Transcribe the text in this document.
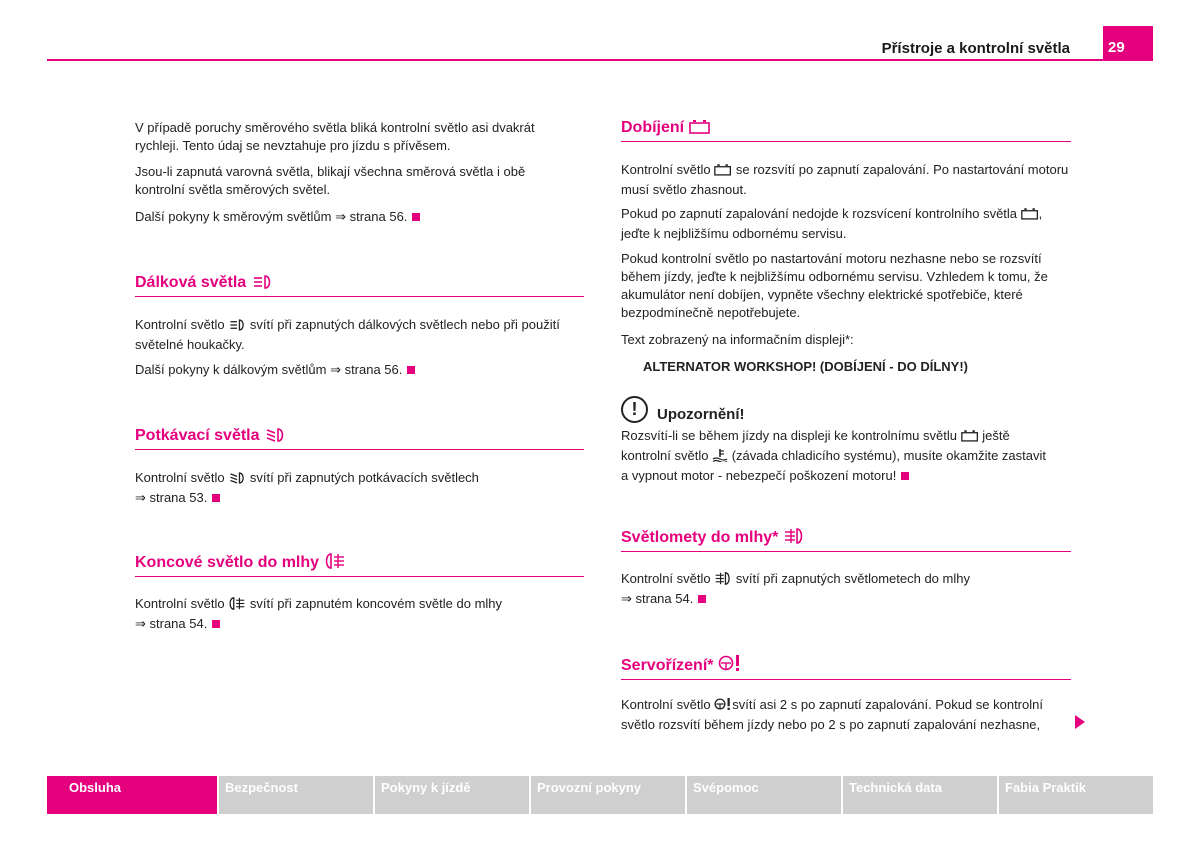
Přístroje a kontrolní světla	29
V případě poruchy směrového světla bliká kontrolní světlo asi dvakrát rychleji. Tento údaj se nevztahuje pro jízdu s přívěsem.
Jsou-li zapnutá varovná světla, blikají všechna směrová světla i obě kontrolní světla směrových světel.
Další pokyny k směrovým světlům ⇒ strana 56.
Dálková světla
Kontrolní světlo svítí při zapnutých dálkových světlech nebo při použití světelné houkačky.
Další pokyny k dálkovým světlům ⇒ strana 56.
Potkávací světla
Kontrolní světlo svítí při zapnutých potkávacích světlech
⇒ strana 53.
Koncové světlo do mlhy
Kontrolní světlo svítí při zapnutém koncovém světle do mlhy
⇒ strana 54.
Dobíjení
Kontrolní světlo se rozsvítí po zapnutí zapalování. Po nastartování motoru musí světlo zhasnout.
Pokud po zapnutí zapalování nedojde k rozsvícení kontrolního světla , jeďte k nejbližšímu odbornému servisu.
Pokud kontrolní světlo po nastartování motoru nezhasne nebo se rozsvítí během jízdy, jeďte k nejbližšímu odbornému servisu. Vzhledem k tomu, že akumulátor není dobíjen, vypněte všechny elektrické spotřebiče, které bezpodmínečně nepotřebujete.
Text zobrazený na informačním displeji*:
ALTERNATOR WORKSHOP! (DOBÍJENÍ - DO DÍLNY!)
!	Upozornění!
Rozsvítí-li se během jízdy na displeji ke kontrolnímu světlu ještě
kontrolní světlo (závada chladicího systému), musíte okamžite zastavit
a vypnout motor - nebezpečí poškození motoru!
Světlomety do mlhy*
Kontrolní světlo svítí při zapnutých světlometech do mlhy
⇒ strana 54.
Servořízení*
Kontrolní světlo svítí asi 2 s po zapnutí zapalování. Pokud se kontrolní
světlo rozsvítí během jízdy nebo po 2 s po zapnutí zapalování nezhasne,
Obsluha	Bezpečnost	Pokyny k jízdě	Provozní pokyny	Svépomoc	Technická data	Fabia Praktik
